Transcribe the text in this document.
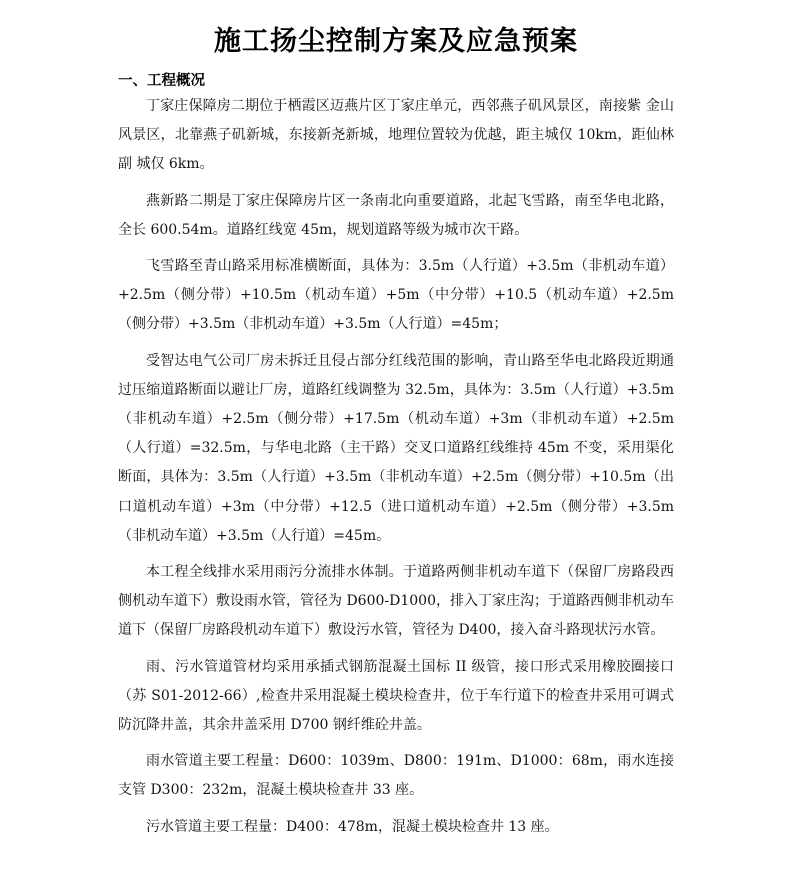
施工扬尘控制方案及应急预案
一、工程概况

丁家庄保障房二期位于栖霞区迈燕片区丁家庄单元，西邻燕子矶风景区，南接紫 金山风景区，北靠燕子矶新城，东接新尧新城，地理位置较为优越，距主城仅 10km，距仙林副 城仅 6km。

燕新路二期是丁家庄保障房片区一条南北向重要道路，北起飞雪路，南至华电北路，全长 600.54m。道路红线宽 45m，规划道路等级为城市次干路。

飞雪路至青山路采用标准横断面，具体为：3.5m（人行道）+3.5m（非机动车道）+2.5m（侧分带）+10.5m（机动车道）+5m（中分带）+10.5（机动车道）+2.5m（侧分带）+3.5m（非机动车道）+3.5m（人行道）=45m；

受智达电气公司厂房未拆迁且侵占部分红线范围的影响，青山路至华电北路段近期通过压缩道路断面以避让厂房，道路红线调整为 32.5m，具体为：3.5m（人行道）+3.5m（非机动车道）+2.5m（侧分带）+17.5m（机动车道）+3m（非机动车道）+2.5m（人行道）=32.5m，与华电北路（主干路）交叉口道路红线维持 45m 不变，采用渠化断面，具体为：3.5m（人行道）+3.5m（非机动车道）+2.5m（侧分带）+10.5m（出口道机动车道）+3m（中分带）+12.5（进口道机动车道）+2.5m（侧分带）+3.5m（非机动车道）+3.5m（人行道）=45m。

本工程全线排水采用雨污分流排水体制。于道路两侧非机动车道下（保留厂房路段西侧机动车道下）敷设雨水管，管径为 D600-D1000，排入丁家庄沟；于道路西侧非机动车道下（保留厂房路段机动车道下）敷设污水管，管径为 D400，接入奋斗路现状污水管。

雨、污水管道管材均采用承插式钢筋混凝土国标 II 级管，接口形式采用橡胶圈接口（苏 S01-2012-66）,检查井采用混凝土模块检查井，位于车行道下的检查井采用可调式防沉降井盖，其余井盖采用 D700 钢纤维砼井盖。

雨水管道主要工程量：D600：1039m、D800：191m、D1000：68m，雨水连接支管 D300：232m，混凝土模块检查井 33 座。

污水管道主要工程量：D400：478m，混凝土模块检查井 13 座。
